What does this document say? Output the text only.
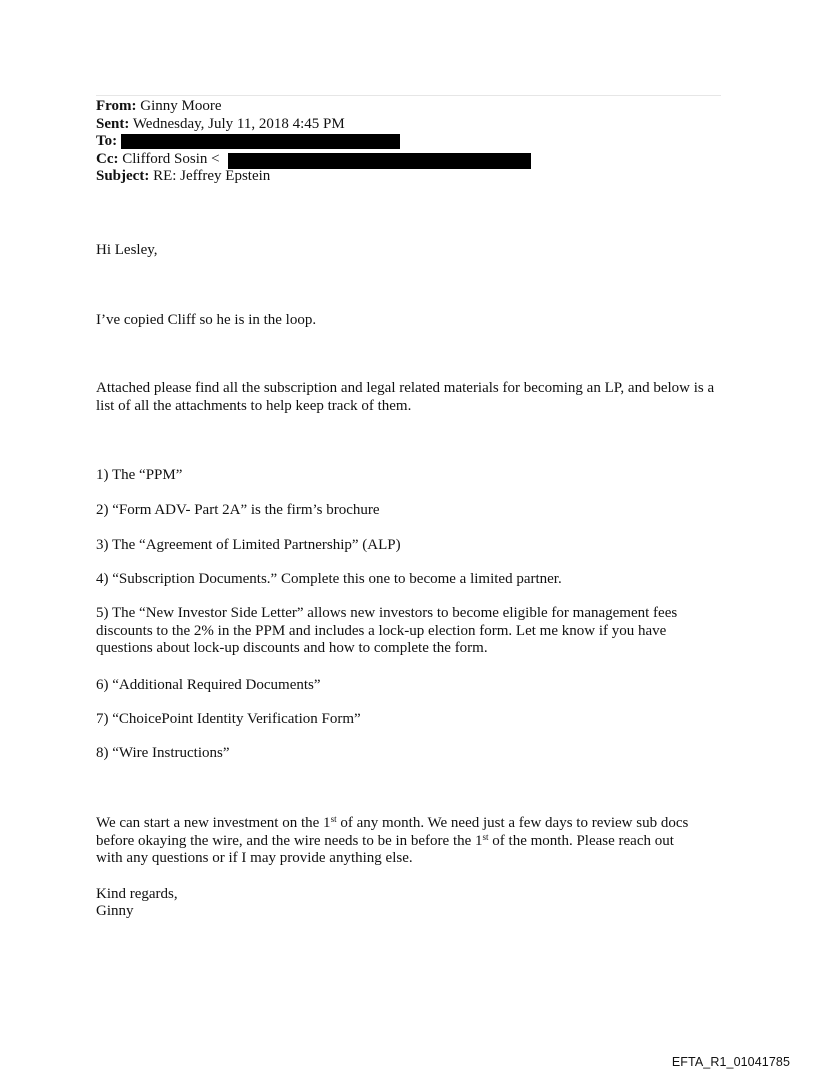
From: Ginny Moore
Sent: Wednesday, July 11, 2018 4:45 PM
To:
Cc: Clifford Sosin <
Subject: RE: Jeffrey Epstein

Hi Lesley,

I’ve copied Cliff so he is in the loop.

Attached please find all the subscription and legal related materials for becoming an LP, and below is a list of all the attachments to help keep track of them.

1) The “PPM”

2) “Form ADV- Part 2A” is the firm’s brochure

3) The “Agreement of Limited Partnership” (ALP)

4) “Subscription Documents.” Complete this one to become a limited partner.

5) The “New Investor Side Letter” allows new investors to become eligible for management fees discounts to the 2% in the PPM and includes a lock-up election form. Let me know if you have questions about lock-up discounts and how to complete the form.

6) “Additional Required Documents”

7) “ChoicePoint Identity Verification Form”

8) “Wire Instructions”

We can start a new investment on the 1st of any month. We need just a few days to review sub docs before okaying the wire, and the wire needs to be in before the 1st of the month. Please reach out with any questions or if I may provide anything else.

Kind regards,

Ginny

EFTA_R1_01041785
